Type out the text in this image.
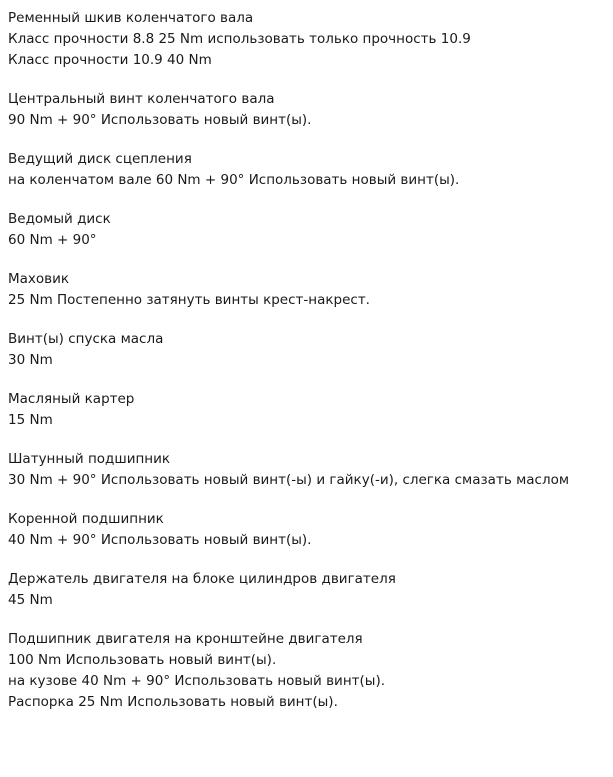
Ременный шкив коленчатого вала

Класс прочности 8.8 25 Nm использовать только прочность 10.9

Класс прочности 10.9 40 Nm

Центральный винт коленчатого вала

90 Nm + 90° Использовать новый винт(ы).

Ведущий диск сцепления

на коленчатом вале 60 Nm + 90° Использовать новый винт(ы).

Ведомый диск

60 Nm + 90°

Маховик

25 Nm Постепенно затянуть винты крест-накрест.

Винт(ы) спуска масла

30 Nm

Масляный картер

15 Nm

Шатунный подшипник

30 Nm + 90° Использовать новый винт(-ы) и гайку(-и), слегка смазать маслом

Коренной подшипник

40 Nm + 90° Использовать новый винт(ы).

Держатель двигателя на блоке цилиндров двигателя

45 Nm

Подшипник двигателя на кронштейне двигателя

100 Nm Использовать новый винт(ы).

на кузове 40 Nm + 90° Использовать новый винт(ы).

Распорка 25 Nm Использовать новый винт(ы).
